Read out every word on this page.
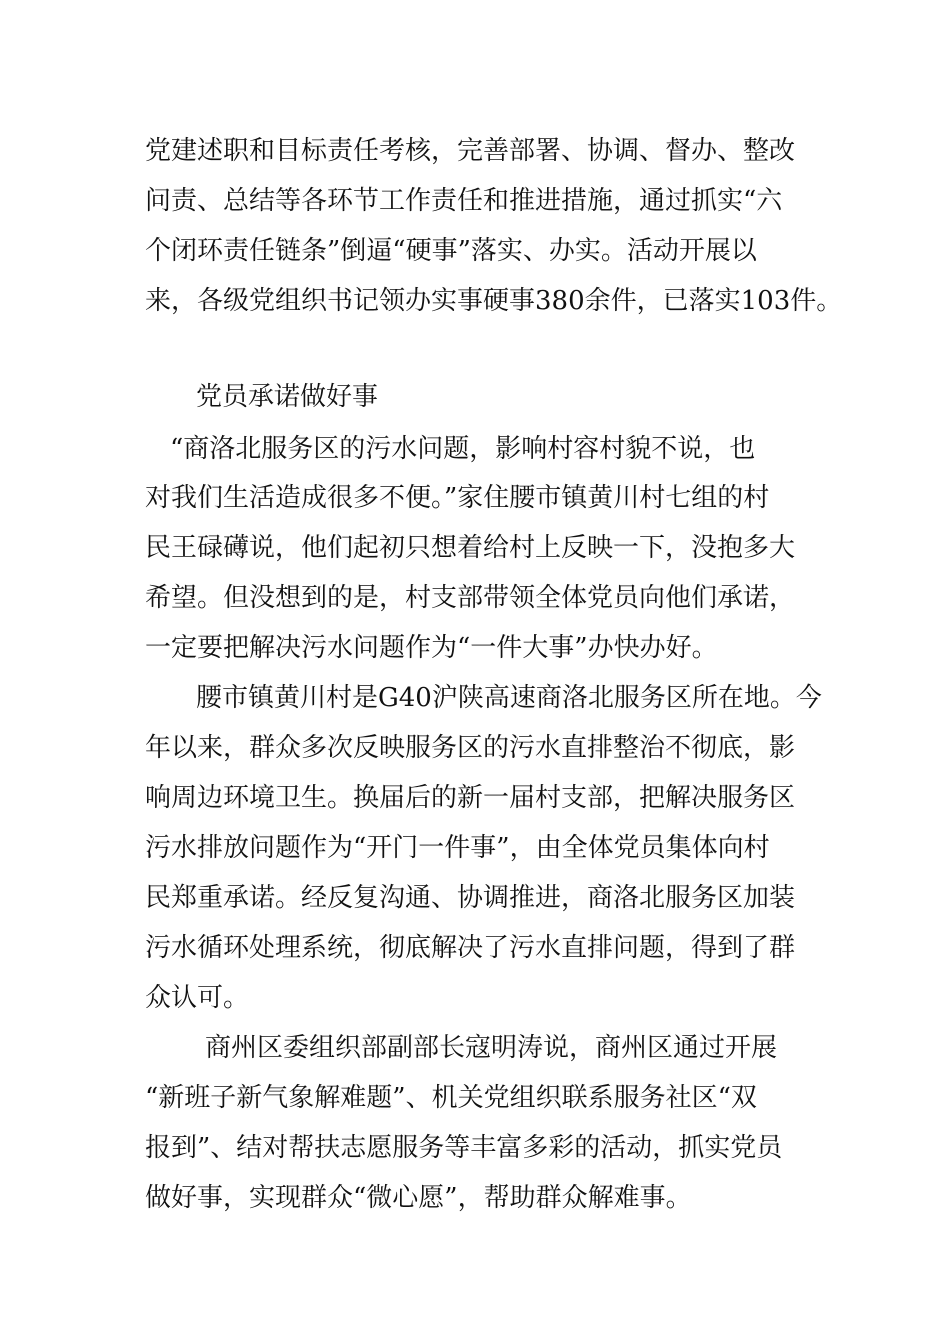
党建述职和目标责任考核，完善部署、协调、督办、整改
问责、总结等各环节工作责任和推进措施，通过抓实“六
个闭环责任链条”倒逼“硬事”落实、办实。活动开展以
来，各级党组织书记领办实事硬事380余件，已落实103件。
党员承诺做好事
“商洛北服务区的污水问题，影响村容村貌不说，也
对我们生活造成很多不便。”家住腰市镇黄川村七组的村
民王碌礡说，他们起初只想着给村上反映一下，没抱多大
希望。但没想到的是，村支部带领全体党员向他们承诺，
一定要把解决污水问题作为“一件大事”办快办好。
腰市镇黄川村是G40沪陕高速商洛北服务区所在地。今
年以来，群众多次反映服务区的污水直排整治不彻底，影
响周边环境卫生。换届后的新一届村支部，把解决服务区
污水排放问题作为“开门一件事”，由全体党员集体向村
民郑重承诺。经反复沟通、协调推进，商洛北服务区加装
污水循环处理系统，彻底解决了污水直排问题，得到了群
众认可。
商州区委组织部副部长寇明涛说，商州区通过开展
“新班子新气象解难题”、机关党组织联系服务社区“双
报到”、结对帮扶志愿服务等丰富多彩的活动，抓实党员
做好事，实现群众“微心愿”，帮助群众解难事。
